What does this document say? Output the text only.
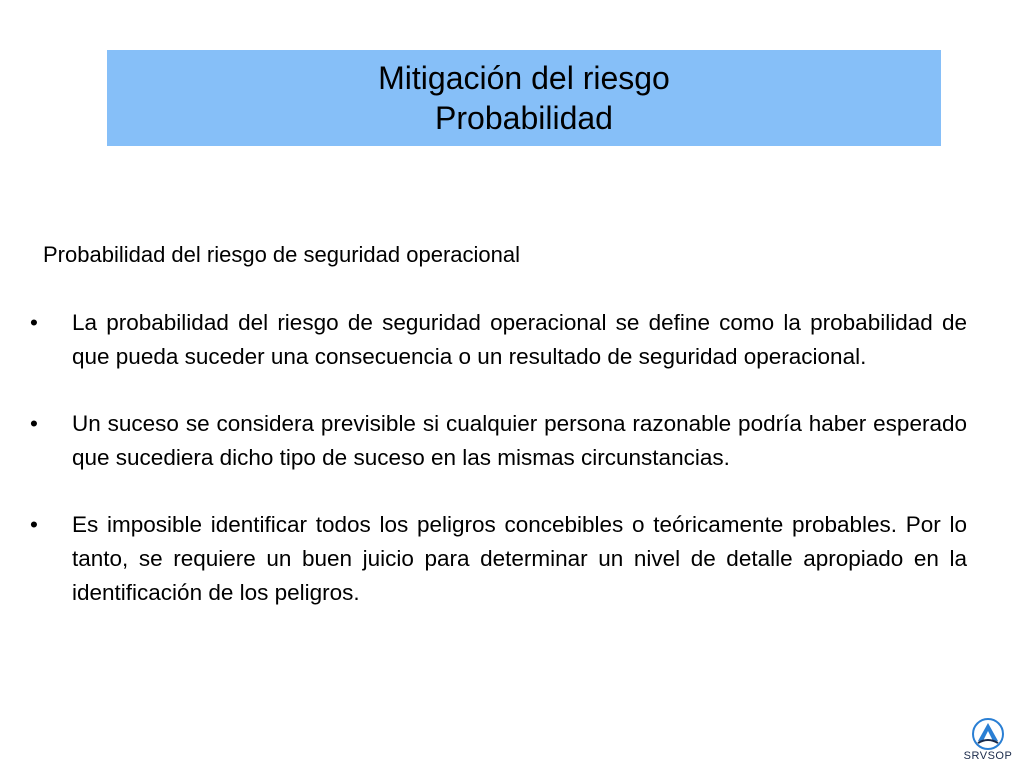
Mitigación del riesgo
Probabilidad
Probabilidad del riesgo de seguridad operacional
• La probabilidad del riesgo de seguridad operacional se define como la probabilidad de que pueda suceder una consecuencia o un resultado de seguridad operacional.
• Un suceso se considera previsible si cualquier persona razonable podría haber esperado que sucediera dicho tipo de suceso en las mismas circunstancias.
• Es imposible identificar todos los peligros concebibles o teóricamente probables. Por lo tanto, se requiere un buen juicio para determinar un nivel de detalle apropiado en la identificación de los peligros.
SRVSOP
